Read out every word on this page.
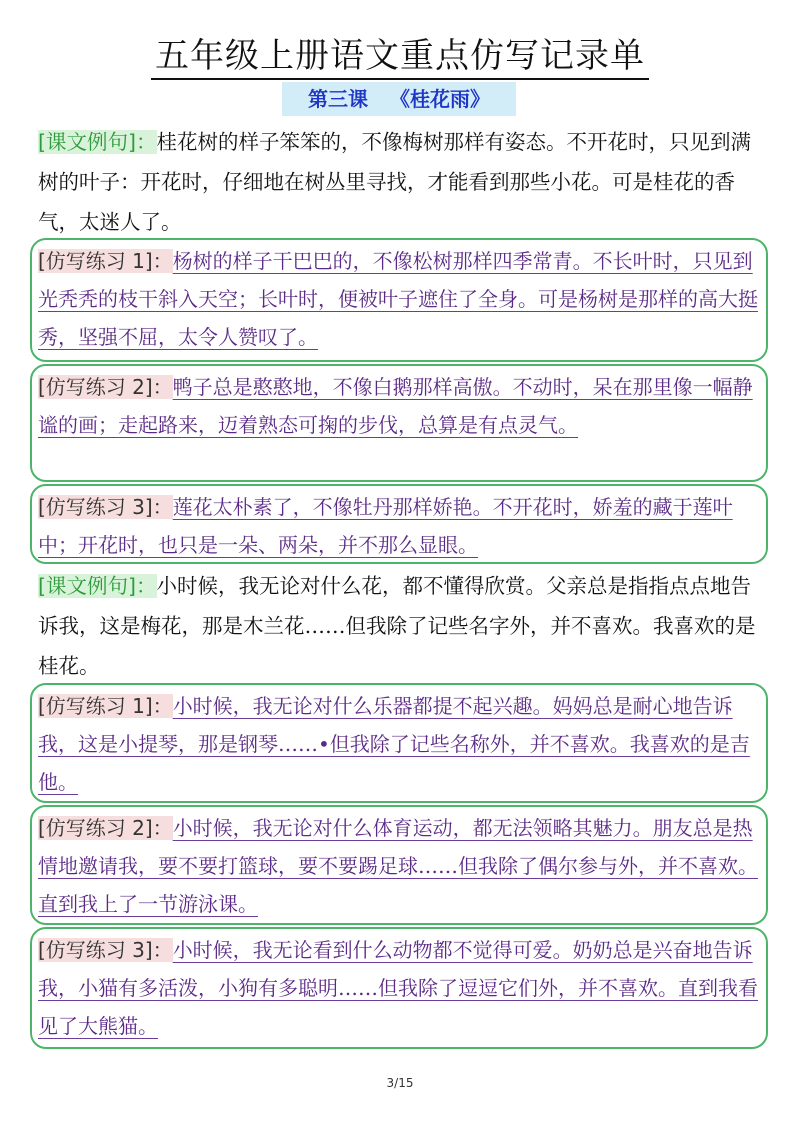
五年级上册语文重点仿写记录单
第三课 《桂花雨》
[课文例句]：桂花树的样子笨笨的，不像梅树那样有姿态。不开花时，只见到满树的叶子：开花时，仔细地在树丛里寻找，才能看到那些小花。可是桂花的香气，太迷人了。
[仿写练习 1]：杨树的样子干巴巴的，不像松树那样四季常青。不长叶时，只见到光秃秃的枝干斜入天空；长叶时，便被叶子遮住了全身。可是杨树是那样的高大挺秀，坚强不屈，太令人赞叹了。
[仿写练习 2]：鸭子总是憨憨地，不像白鹅那样高傲。不动时，呆在那里像一幅静谧的画；走起路来，迈着熟态可掬的步伐，总算是有点灵气。
[仿写练习 3]：莲花太朴素了，不像牡丹那样娇艳。不开花时，娇羞的藏于莲叶中；开花时，也只是一朵、两朵，并不那么显眼。
[课文例句]：小时候，我无论对什么花，都不懂得欣赏。父亲总是指指点点地告诉我，这是梅花，那是木兰花……但我除了记些名字外，并不喜欢。我喜欢的是桂花。
[仿写练习 1]：小时候，我无论对什么乐器都提不起兴趣。妈妈总是耐心地告诉我，这是小提琴，那是钢琴……•但我除了记些名称外，并不喜欢。我喜欢的是吉他。
[仿写练习 2]：小时候，我无论对什么体育运动，都无法领略其魅力。朋友总是热情地邀请我，要不要打篮球，要不要踢足球……但我除了偶尔参与外，并不喜欢。直到我上了一节游泳课。
[仿写练习 3]：小时候，我无论看到什么动物都不觉得可爱。奶奶总是兴奋地告诉我，小猫有多活泼，小狗有多聪明……但我除了逗逗它们外，并不喜欢。直到我看见了大熊猫。
3/15
